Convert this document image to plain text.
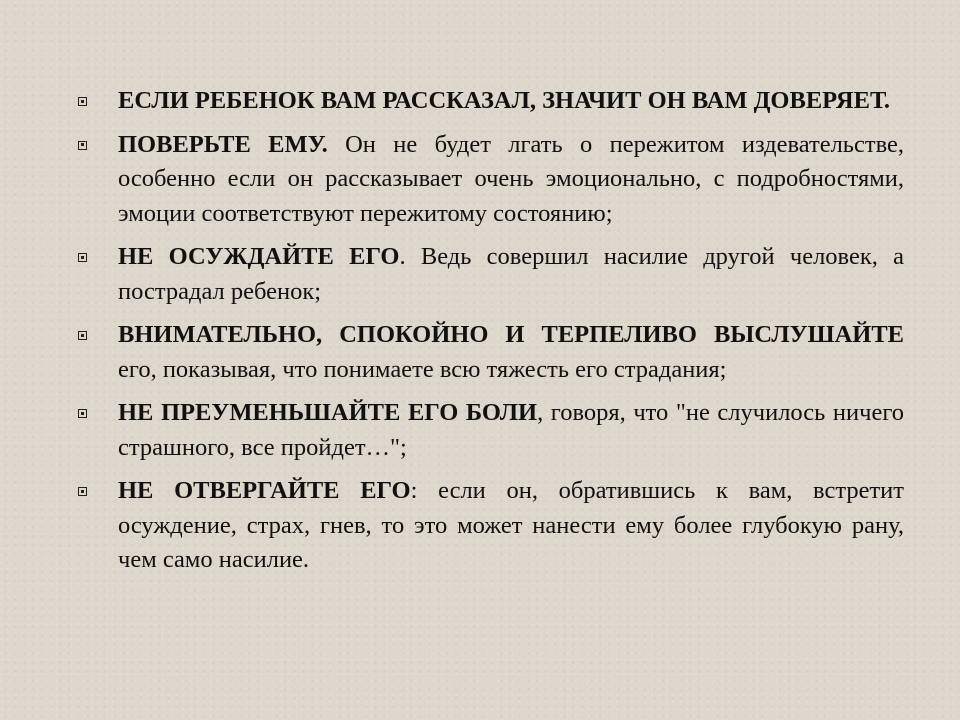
ЕСЛИ РЕБЕНОК ВАМ РАССКАЗАЛ, ЗНАЧИТ ОН ВАМ ДОВЕРЯЕТ.
ПОВЕРЬТЕ ЕМУ. Он не будет лгать о пережитом издевательстве, особенно если он рассказывает очень эмоционально, с подробностями, эмоции соответствуют пережитому состоянию;
НЕ ОСУЖДАЙТЕ ЕГО. Ведь совершил насилие другой человек, а пострадал ребенок;
ВНИМАТЕЛЬНО, СПОКОЙНО И ТЕРПЕЛИВО ВЫСЛУШАЙТЕ его, показывая, что понимаете всю тяжесть его страдания;
НЕ ПРЕУМЕНЬШАЙТЕ ЕГО БОЛИ, говоря, что "не случилось ничего страшного, все пройдет…";
НЕ ОТВЕРГАЙТЕ ЕГО: если он, обратившись к вам, встретит осуждение, страх, гнев, то это может нанести ему более глубокую рану, чем само насилие.
